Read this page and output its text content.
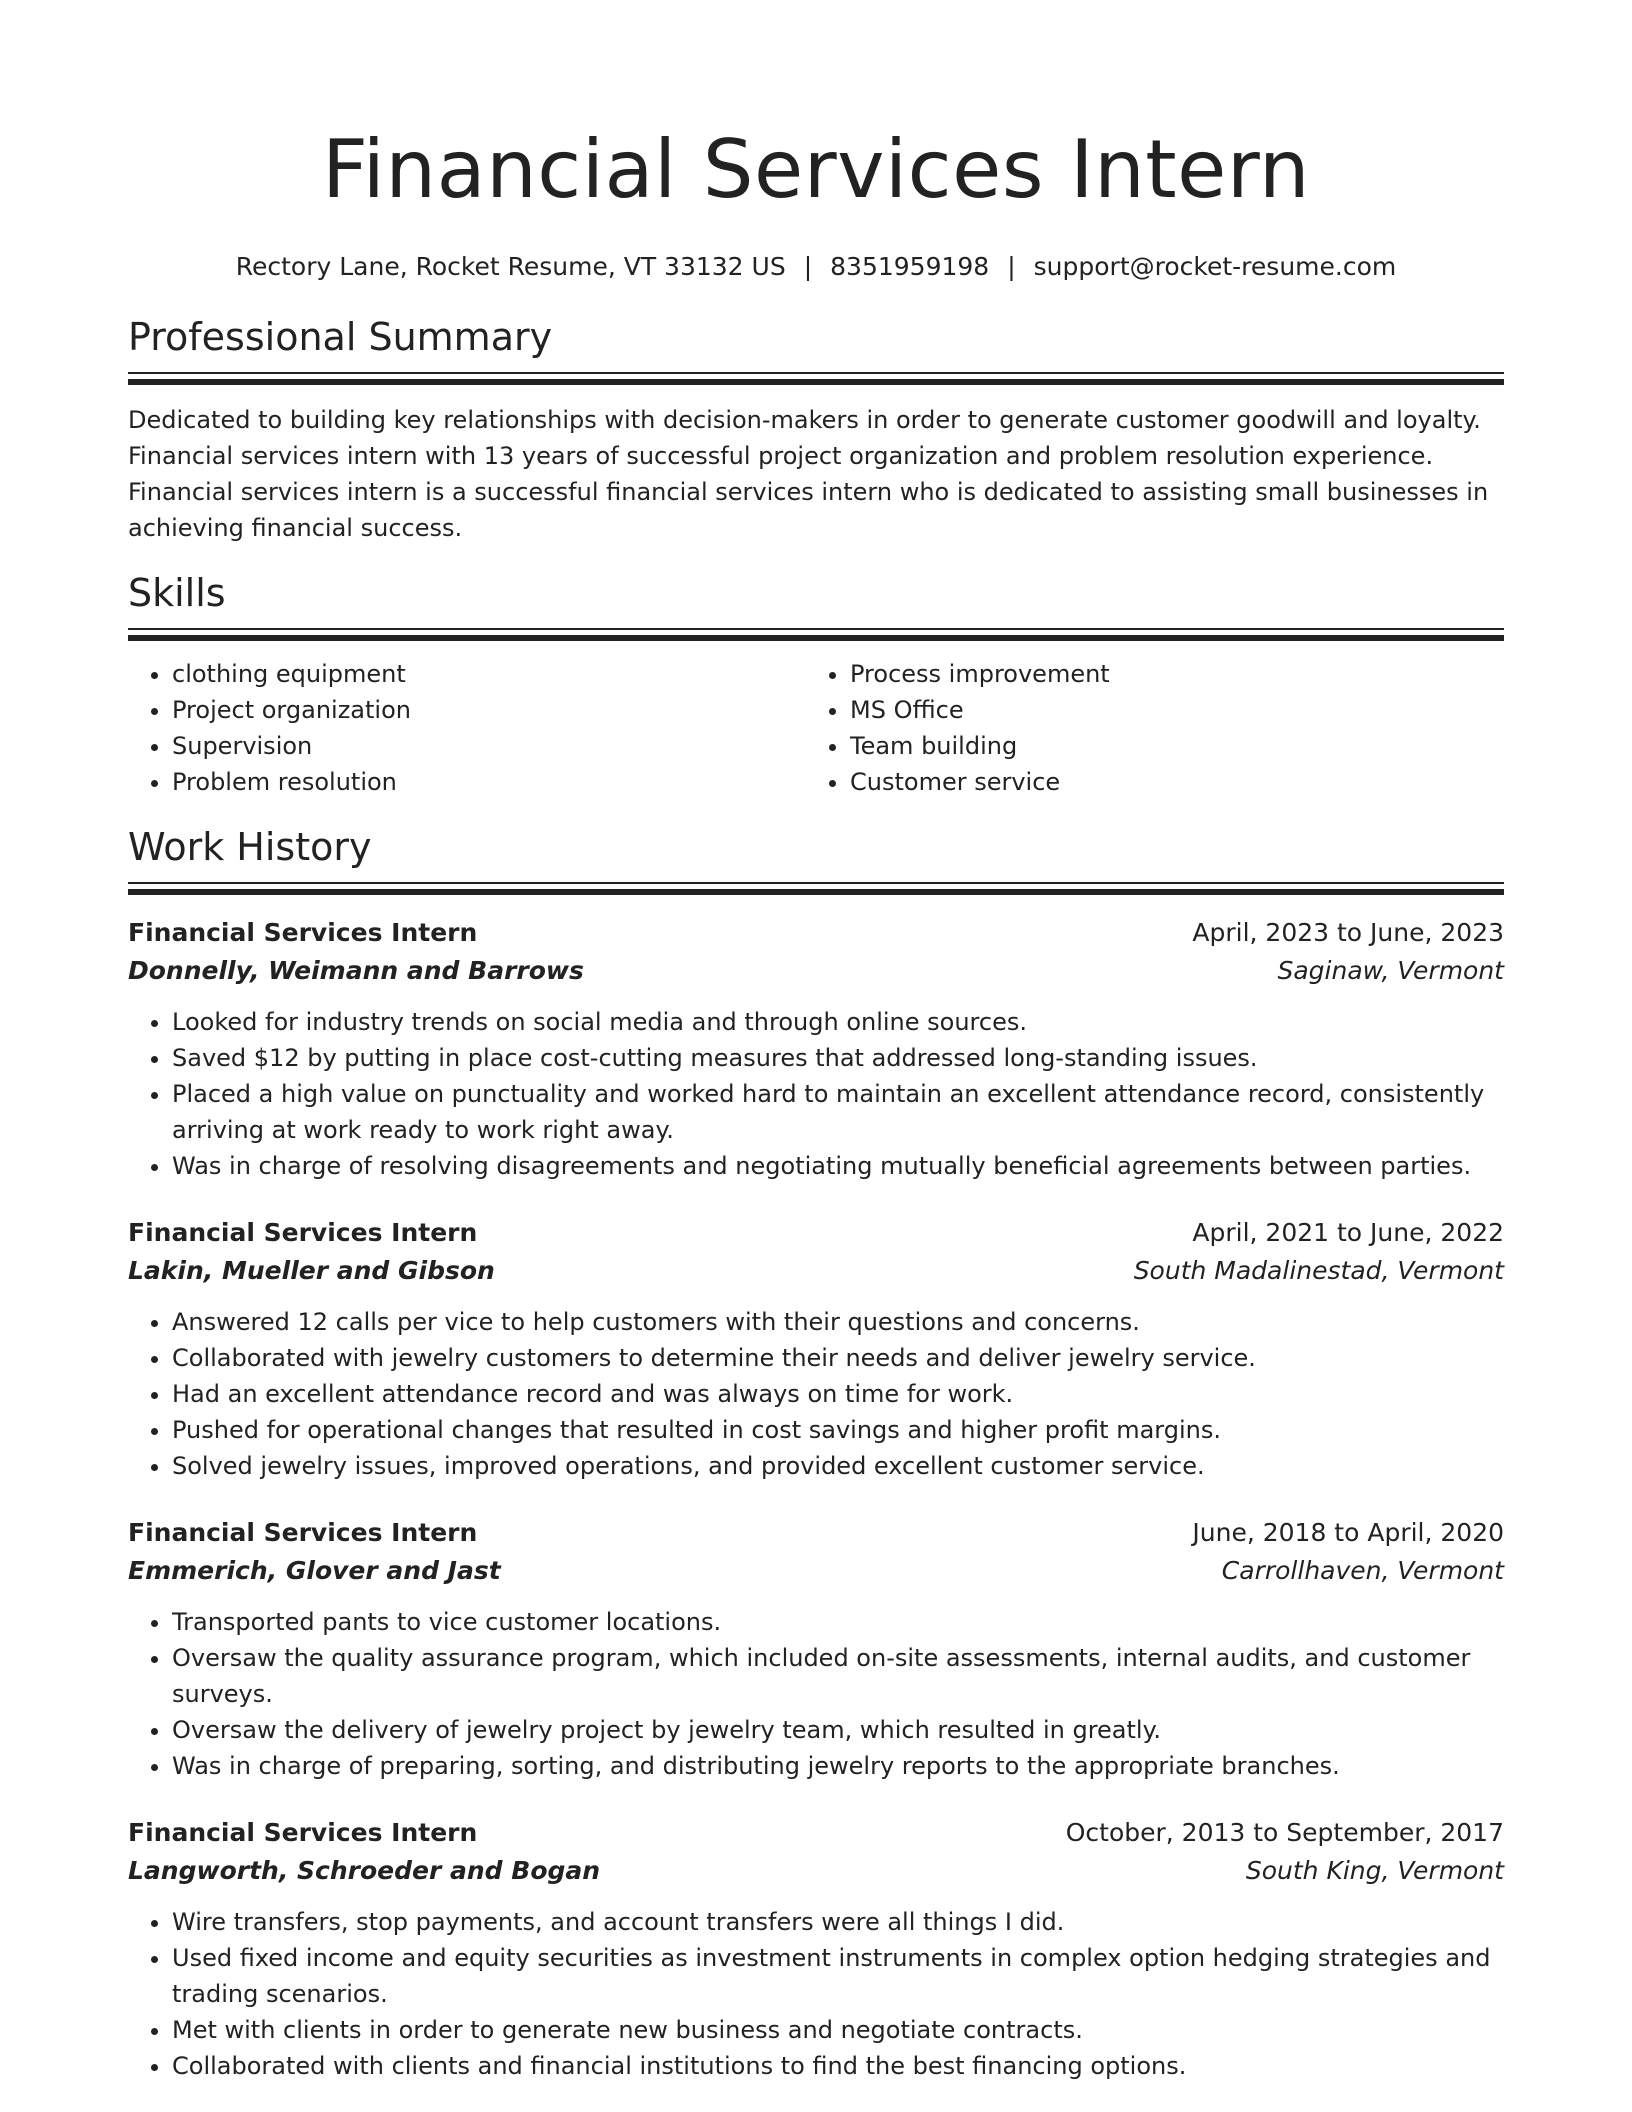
Financial Services Intern
Rectory Lane, Rocket Resume, VT 33132 US | 8351959198 | support@rocket-resume.com
Professional Summary
Dedicated to building key relationships with decision-makers in order to generate customer goodwill and loyalty. Financial services intern with 13 years of successful project organization and problem resolution experience. Financial services intern is a successful financial services intern who is dedicated to assisting small businesses in achieving financial success.
Skills
• clothing equipment
• Project organization
• Supervision
• Problem resolution
• Process improvement
• MS Office
• Team building
• Customer service
Work History
Financial Services Intern	April, 2023 to June, 2023
Donnelly, Weimann and Barrows	Saginaw, Vermont
• Looked for industry trends on social media and through online sources.
• Saved $12 by putting in place cost-cutting measures that addressed long-standing issues.
• Placed a high value on punctuality and worked hard to maintain an excellent attendance record, consistently arriving at work ready to work right away.
• Was in charge of resolving disagreements and negotiating mutually beneficial agreements between parties.
Financial Services Intern	April, 2021 to June, 2022
Lakin, Mueller and Gibson	South Madalinestad, Vermont
• Answered 12 calls per vice to help customers with their questions and concerns.
• Collaborated with jewelry customers to determine their needs and deliver jewelry service.
• Had an excellent attendance record and was always on time for work.
• Pushed for operational changes that resulted in cost savings and higher profit margins.
• Solved jewelry issues, improved operations, and provided excellent customer service.
Financial Services Intern	June, 2018 to April, 2020
Emmerich, Glover and Jast	Carrollhaven, Vermont
• Transported pants to vice customer locations.
• Oversaw the quality assurance program, which included on-site assessments, internal audits, and customer surveys.
• Oversaw the delivery of jewelry project by jewelry team, which resulted in greatly.
• Was in charge of preparing, sorting, and distributing jewelry reports to the appropriate branches.
Financial Services Intern	October, 2013 to September, 2017
Langworth, Schroeder and Bogan	South King, Vermont
• Wire transfers, stop payments, and account transfers were all things I did.
• Used fixed income and equity securities as investment instruments in complex option hedging strategies and trading scenarios.
• Met with clients in order to generate new business and negotiate contracts.
• Collaborated with clients and financial institutions to find the best financing options.
